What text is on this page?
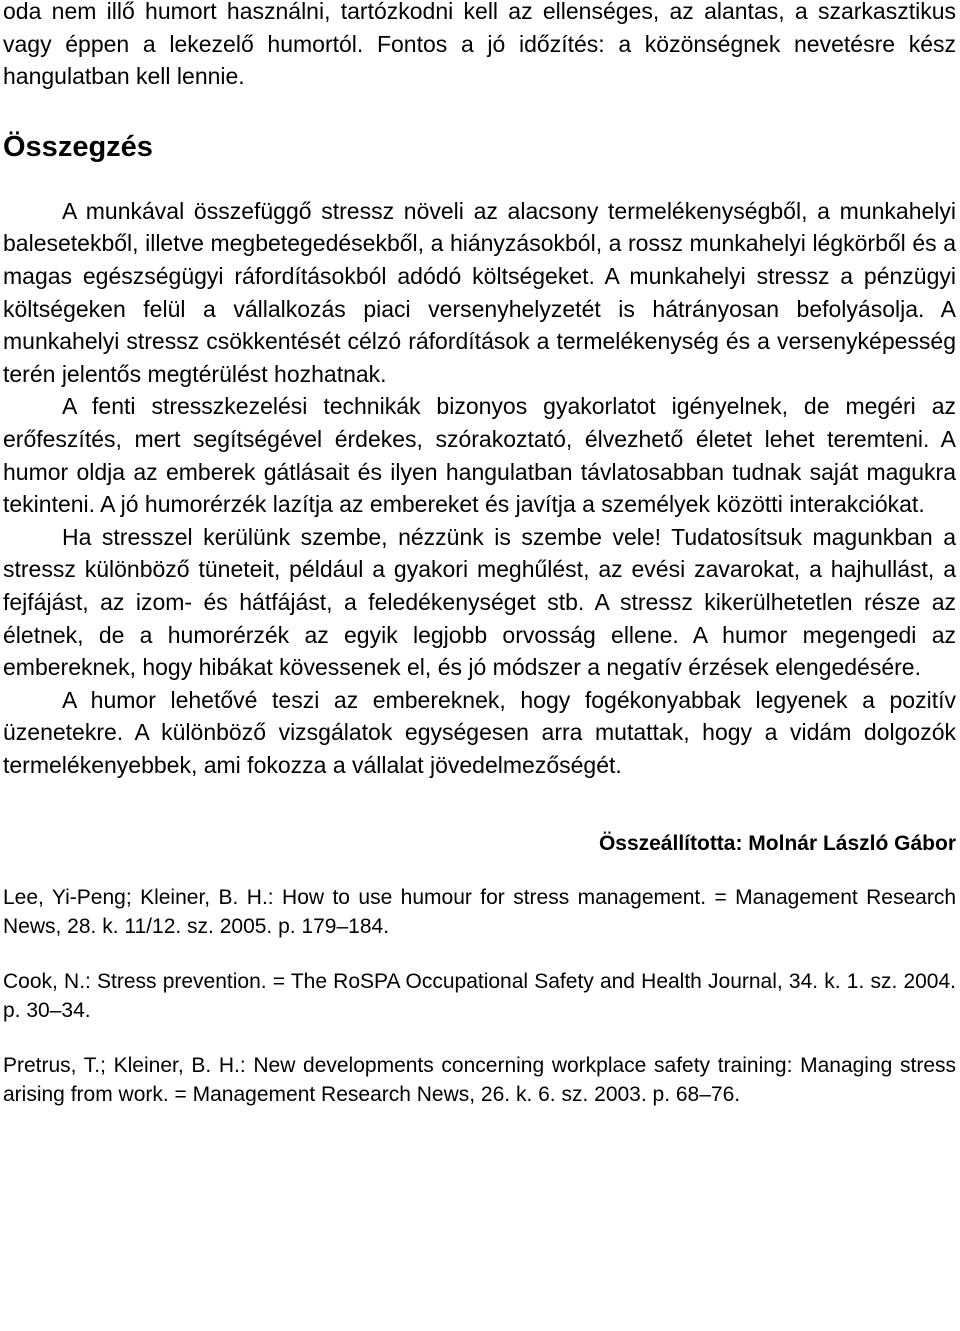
oda nem illő humort használni, tartózkodni kell az ellenséges, az alantas, a szarkasztikus vagy éppen a lekezelő humortól. Fontos a jó időzítés: a közönségnek nevetésre kész hangulatban kell lennie.

Összegzés

A munkával összefüggő stressz növeli az alacsony termelékenységből, a munkahelyi balesetekből, illetve megbetegedésekből, a hiányzásokból, a rossz munkahelyi légkörből és a magas egészségügyi ráfordításokból adódó költségeket. A munkahelyi stressz a pénzügyi költségeken felül a vállalkozás piaci versenyhelyzetét is hátrányosan befolyásolja. A munkahelyi stressz csökkentését célzó ráfordítások a termelékenység és a versenyképesség terén jelentős megtérülést hozhatnak.

A fenti stresszkezelési technikák bizonyos gyakorlatot igényelnek, de megéri az erőfeszítés, mert segítségével érdekes, szórakoztató, élvezhető életet lehet teremteni. A humor oldja az emberek gátlásait és ilyen hangulatban távlatosabban tudnak saját magukra tekinteni. A jó humorérzék lazítja az embereket és javítja a személyek közötti interakciókat.

Ha stresszel kerülünk szembe, nézzünk is szembe vele! Tudatosítsuk magunkban a stressz különböző tüneteit, például a gyakori meghűlést, az evési zavarokat, a hajhullást, a fejfájást, az izom- és hátfájást, a feledékenységet stb. A stressz kikerülhetetlen része az életnek, de a humorérzék az egyik legjobb orvosság ellene. A humor megengedi az embereknek, hogy hibákat kövessenek el, és jó módszer a negatív érzések elengedésére.

A humor lehetővé teszi az embereknek, hogy fogékonyabbak legyenek a pozitív üzenetekre. A különböző vizsgálatok egységesen arra mutattak, hogy a vidám dolgozók termelékenyebbek, ami fokozza a vállalat jövedelmezőségét.

Összeállította: Molnár László Gábor

Lee, Yi-Peng; Kleiner, B. H.: How to use humour for stress management. = Management Research News, 28. k. 11/12. sz. 2005. p. 179–184.

Cook, N.: Stress prevention. = The RoSPA Occupational Safety and Health Journal, 34. k. 1. sz. 2004. p. 30–34.

Pretrus, T.; Kleiner, B. H.: New developments concerning workplace safety training: Managing stress arising from work. = Management Research News, 26. k. 6. sz. 2003. p. 68–76.
